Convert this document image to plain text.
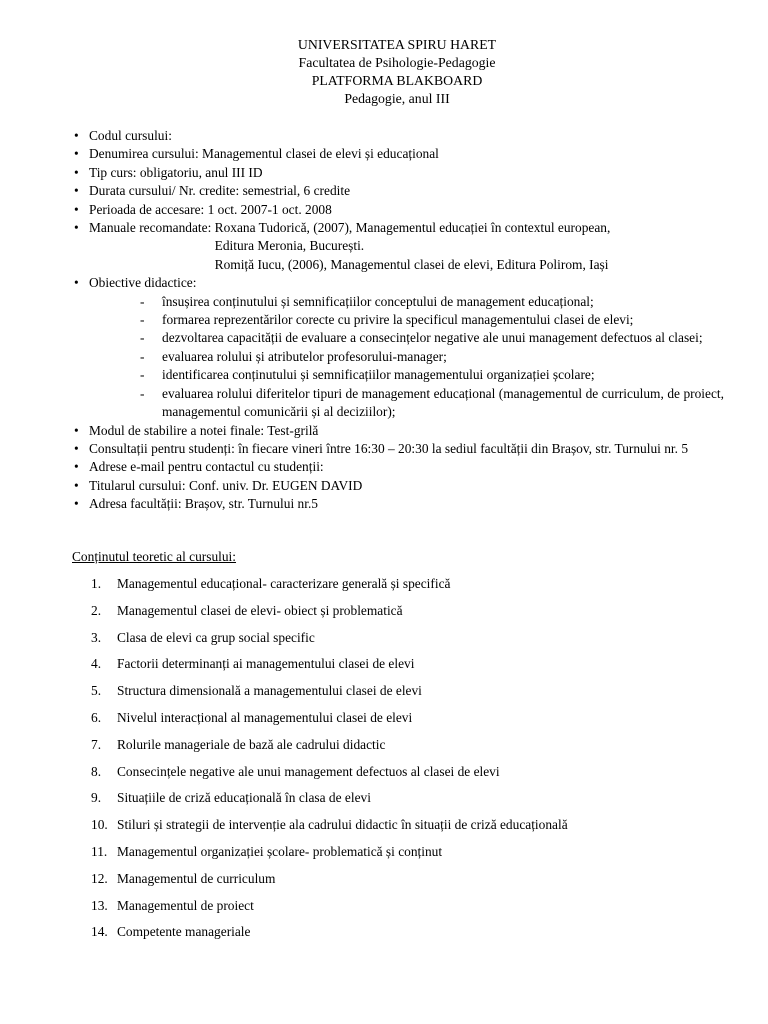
UNIVERSITATEA SPIRU HARET
Facultatea de Psihologie-Pedagogie
PLATFORMA BLAKBOARD
Pedagogie, anul III
• Codul cursului:
• Denumirea cursului: Managementul clasei de elevi și educațional
• Tip curs: obligatoriu, anul III ID
• Durata cursului/ Nr. credite: semestrial, 6 credite
• Perioada de accesare: 1 oct. 2007-1 oct. 2008
• Manuale recomandate: Roxana Tudorică, (2007), Managementul educației în contextul european,
Editura Meronia, București.
Romiță Iucu, (2006), Managementul clasei de elevi, Editura Polirom, Iași
• Obiective didactice:
- însușirea conținutului și semnificațiilor conceptului de management educațional;
- formarea reprezentărilor corecte cu privire la specificul managementului clasei de elevi;
- dezvoltarea capacității de evaluare a consecințelor negative ale unui management defectuos al clasei;
- evaluarea rolului și atributelor profesorului-manager;
- identificarea conținutului și semnificațiilor managementului organizației școlare;
- evaluarea rolului diferitelor tipuri de management educațional (managementul de curriculum, de proiect, managementul comunicării și al deciziilor);
• Modul de stabilire a notei finale: Test-grilă
• Consultații pentru studenți: în fiecare vineri între 16:30 – 20:30 la sediul facultății din Brașov, str. Turnului nr. 5
• Adrese e-mail pentru contactul cu studenții:
• Titularul cursului: Conf. univ. Dr. EUGEN DAVID
• Adresa facultății: Brașov, str. Turnului nr.5
Conținutul teoretic al cursului:
1.	Managementul educațional- caracterizare generală și specifică
2.	Managementul clasei de elevi- obiect și problematică
3.	Clasa de elevi ca grup social specific
4.	Factorii determinanți ai managementului clasei de elevi
5.	Structura dimensională a managementului clasei de elevi
6.	Nivelul interacțional al managementului clasei de elevi
7.	Rolurile manageriale de bază ale cadrului didactic
8.	Consecințele negative ale unui management defectuos al clasei de elevi
9.	Situațiile de criză educațională în clasa de elevi
10. Stiluri și strategii de intervenție ala cadrului didactic în situații de criză educațională
11. Managementul organizației școlare- problematică și conținut
12. Managementul de curriculum
13. Managementul de proiect
14. Competente manageriale
